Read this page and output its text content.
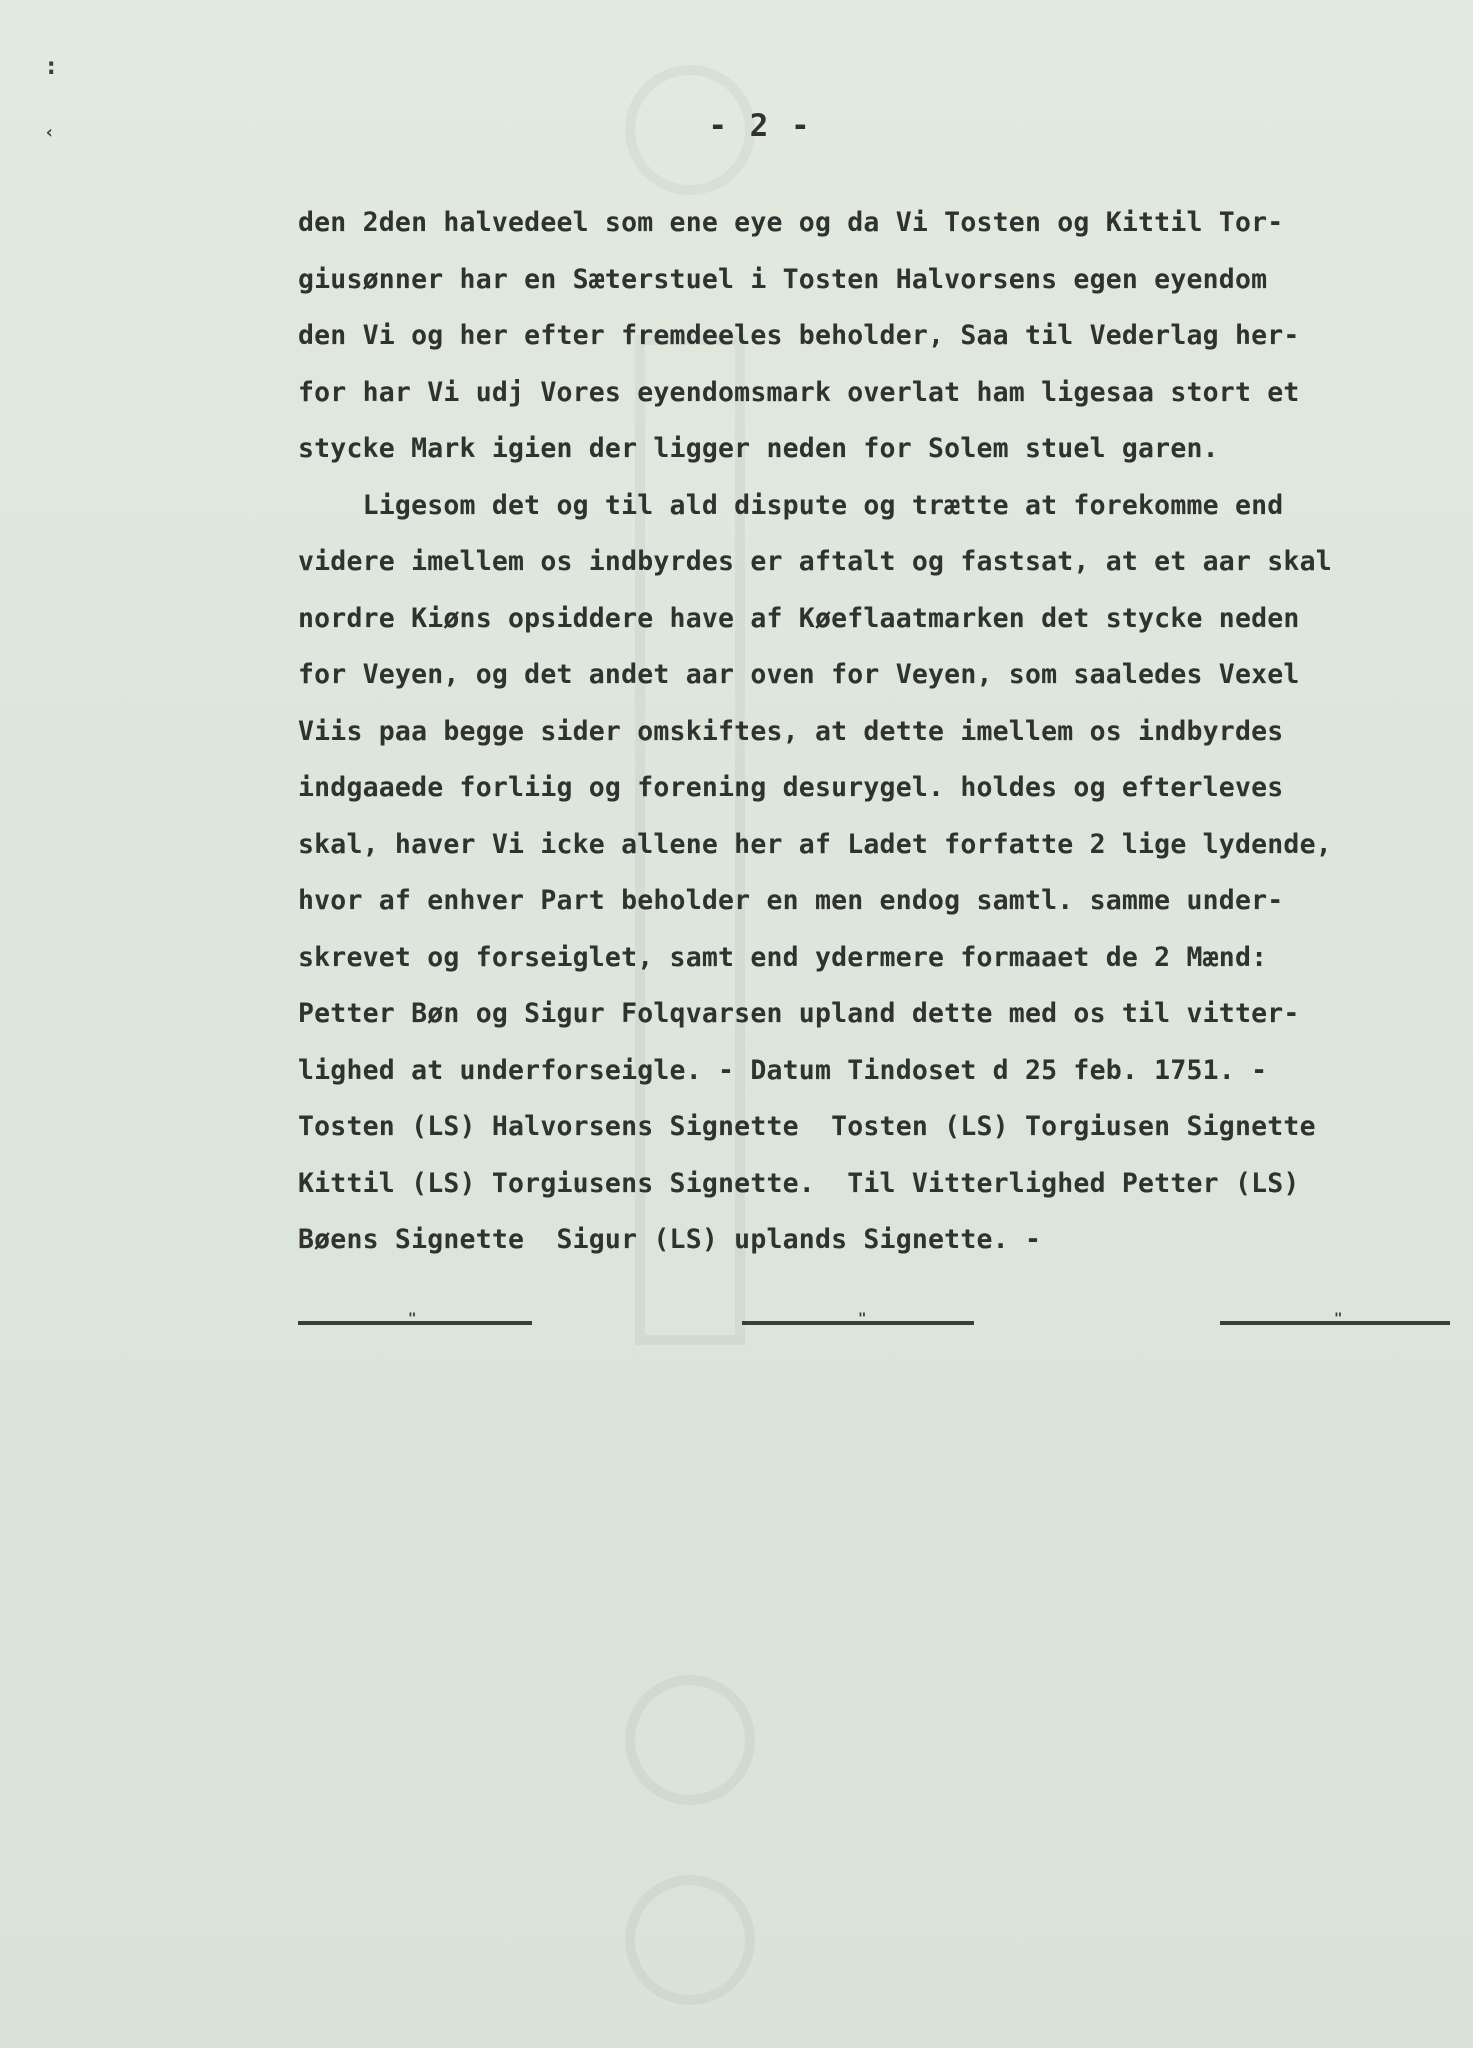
:
‹	- 2 -
den 2den halvedeel som ene eye og da Vi Tosten og Kittil Tor-
giusønner har en Sæterstuel i Tosten Halvorsens egen eyendom
den Vi og her efter fremdeeles beholder, Saa til Vederlag her-
for har Vi udj Vores eyendomsmark overlat ham ligesaa stort et
stycke Mark igien der ligger neden for Solem stuel garen.
Ligesom det og til ald dispute og trætte at forekomme end
videre imellem os indbyrdes er aftalt og fastsat, at et aar skal
nordre Kiøns opsiddere have af Køeflaatmarken det stycke neden
for Veyen, og det andet aar oven for Veyen, som saaledes Vexel
Viis paa begge sider omskiftes, at dette imellem os indbyrdes
indgaaede forliig og forening desurygel. holdes og efterleves
skal, haver Vi icke allene her af Ladet forfatte 2 lige lydende,
hvor af enhver Part beholder en men endog samtl. samme under-
skrevet og forseiglet, samt end ydermere formaaet de 2 Mænd:
Petter Bøn og Sigur Folqvarsen upland dette med os til vitter-
lighed at underforseigle. - Datum Tindoset d 25 feb. 1751. -
Tosten (LS) Halvorsens Signette  Tosten (LS) Torgiusen Signette
Kittil (LS) Torgiusens Signette.  Til Vitterlighed Petter (LS)
Bøens Signette  Sigur (LS) uplands Signette. -
"	"	"
